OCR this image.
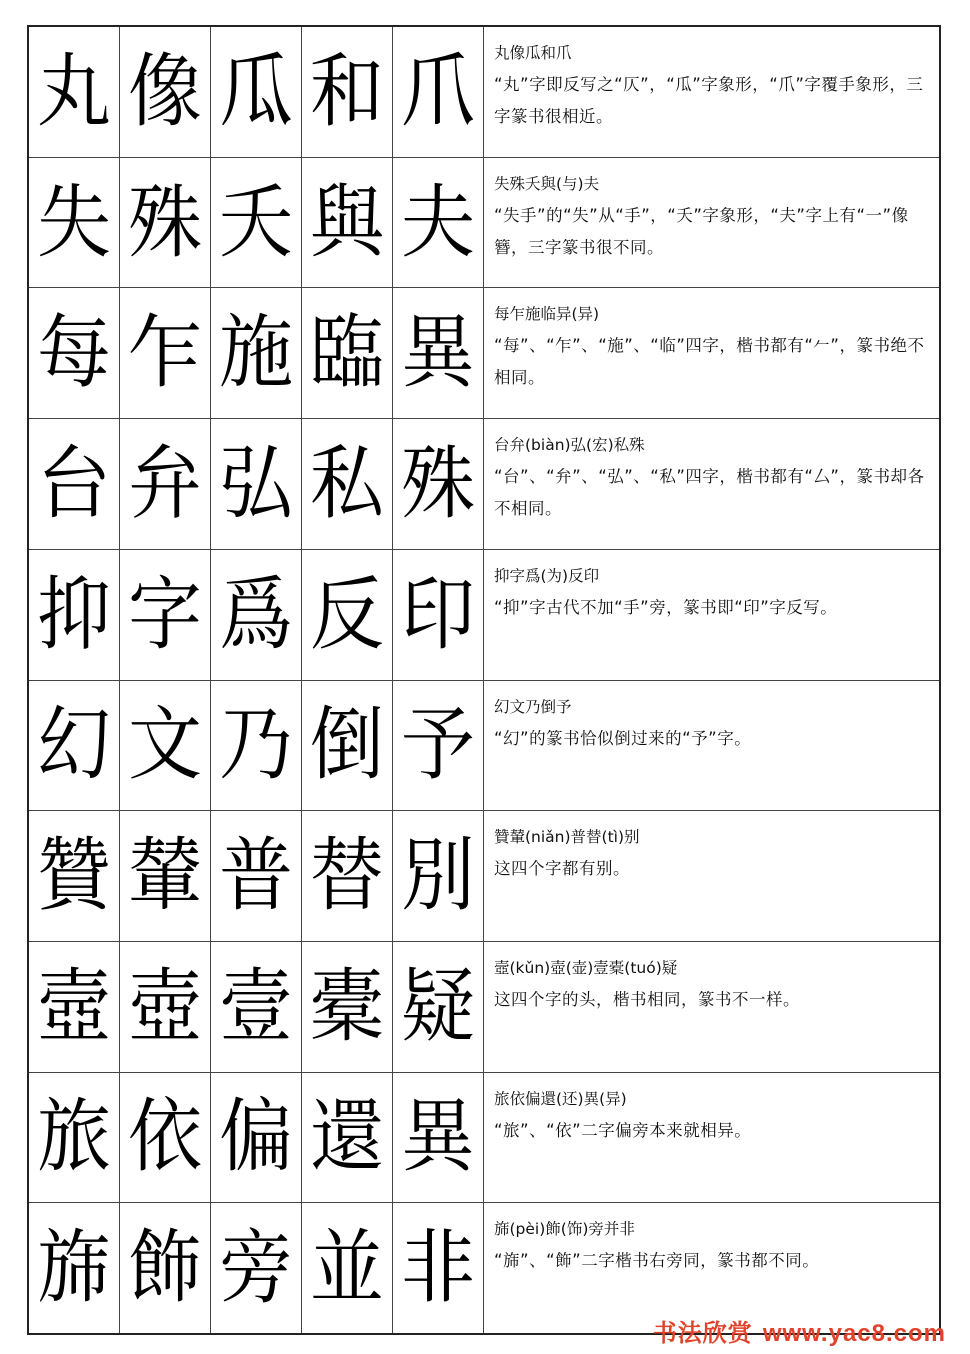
丸 像 瓜 和 爪 丸像瓜和爪
“丸”字即反写之“仄”，“瓜”字象形，“爪”字覆手象形，三字篆书很相近。
失 殊 夭 與 夫 失殊夭與(与)夫
“失手”的“失”从“手”，“夭”字象形，“夫”字上有“一”像簪，三字篆书很不同。
每 乍 施 臨 異 每乍施临异(异)
“每”、“乍”、“施”、“临”四字，楷书都有“𠂉”，篆书绝不相同。
台 弁 弘 私 殊 台弁(biàn)弘(宏)私殊
“台”、“弁”、“弘”、“私”四字，楷书都有“厶”，篆书却各不相同。
抑 字 爲 反 印 抑字爲(为)反印
“抑”字古代不加“手”旁，篆书即“印”字反写。
幻 文 乃 倒 予 幻文乃倒予
“幻”的篆书恰似倒过来的“予”字。
贊 輦 普 替 別 贊輦(niǎn)普替(tì)别
这四个字都有别。
壼 壺 壹 橐 疑 壼(kǔn)壺(壶)壹橐(tuó)疑
这四个字的头，楷书相同，篆书不一样。
旅 依 偏 還 異 旅依偏還(还)異(异)
“旅”、“依”二字偏旁本来就相异。
旆 飾 旁 並 非 旆(pèi)飾(饰)旁并非
“旆”、“飾”二字楷书右旁同，篆书都不同。
书法欣赏 www.yac8.com
